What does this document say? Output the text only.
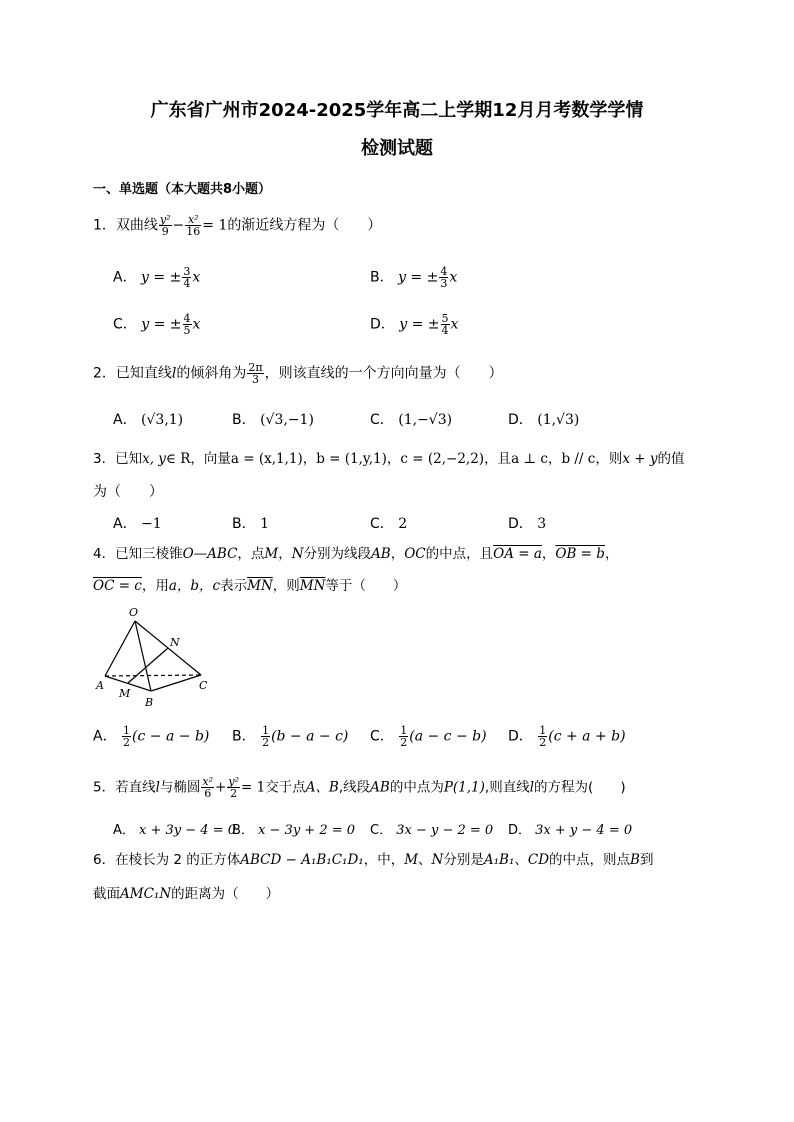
广东省广州市2024-2025学年高二上学期12月月考数学学情
检测试题
一、单选题（本大题共8小题）
1．双曲线 $\frac{\text{y²}}{9} - \frac{\text{x²}}{16} = 1$的渐近线方程为（　　）
A． y = ± $\frac{3}{4}$ x	B． y = ± $\frac{4}{3}$ x
C． y = ± $\frac{4}{5}$ x	D． y = ± $\frac{5}{4}$ x
2．已知直线l的倾斜角为 $\frac{2\pi}{3}$ ，则该直线的一个方向向量为（　　）
A． (√3,1)	B． (√3,−1)	C． (1,−√3)	D． (1,√3)
3．已知x, y∈ R，向量a = (x,1,1)，b = (1,y,1)，c = (2,−2,2)，且a ⊥ c，b // c，则x + y的值
为（　　）
A． −1	B． 1	C． 2	D． 3
4．已知三棱锥O—ABC，点M，N分别为线段AB，OC的中点，且OA = a，OB = b，
OC = c，用a，b，c表示$\overline{MN}$，则$\overline{MN}$等于（　　）
O
N
A
M
B
C
A． $\frac{1}{2} (c - a - b)$ B． $\frac{1}{2} (b - a - c)$ C． $\frac{1}{2} (a - c - b)$ D． $\frac{1}{2} (c + a + b)$
5．若直线l与椭圆 $\frac{\text{x²}}{6} + \frac{\text{y²}}{2} = 1$交于点A、B,线段AB的中点为P(1,1),则直线l的方程为(　　)
A． x + 3y − 4 = 0
B． x − 3y + 2 = 0 C． 3x − y − 2 = 0 D． 3x + y − 4 = 0
6．在棱长为 2 的正方体ABCD − A₁B₁C₁D₁，中，M、N分别是A₁B₁、CD的中点，则点B到
截面AMC₁N的距离为（　　）
